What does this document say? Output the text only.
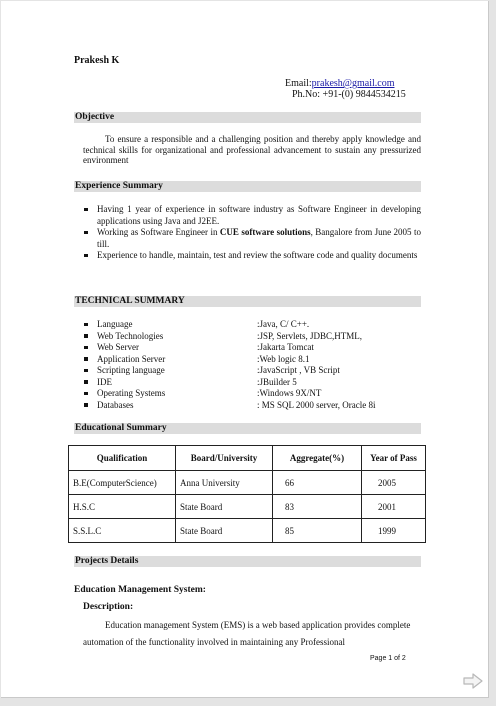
Prakesh K
Email:prakesh@gmail.com
Ph.No: +91-(0) 9844534215
Objective
To ensure a responsible and a challenging position and thereby apply knowledge and technical skills for organizational and professional advancement to sustain any pressurized environment
Experience Summary
Having 1 year of experience in software industry as Software Engineer in developing applications using Java and J2EE.
Working as Software Engineer in CUE software solutions, Bangalore from June 2005 to till.
Experience to handle, maintain, test and review the software code and quality documents
TECHNICAL SUMMARY
Language	:Java, C/ C++.
Web Technologies	:JSP, Servlets, JDBC,HTML,
Web Server	:Jakarta Tomcat
Application Server	:Web logic 8.1
Scripting language	:JavaScript , VB Script
IDE	:JBuilder 5
Operating Systems	:Windows 9X/NT
Databases	: MS SQL 2000 server, Oracle 8i
Educational Summary
Qualification	Board/University	Aggregate(%)	Year of Pass
B.E(ComputerScience)	Anna University	66	2005
H.S.C	State Board	83	2001
S.S.L.C	State Board	85	1999
Projects Details
Education Management System:
Description:
Education management System (EMS) is a web based application provides complete automation of the functionality involved in maintaining any Professional
Page 1 of 2
